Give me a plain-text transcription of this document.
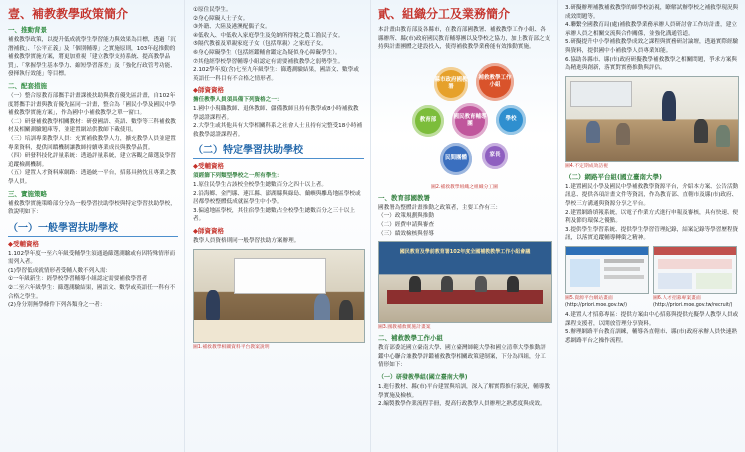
壹、補教教學政策簡介
一、推動背景

補救教學政策，以提升低成就學生學習能力與效果為目標，透過「沉潛補救」、「公平正義」及「個別輔導」之實施原則，103年起推動的補救教學實施方案，將更加重視「建立教學支持系統、提高教學品質」、「掌握學生基本學力、縮短學習落差」及「強化行政管考功能、發揮執行效能」等目標。

二、配套措施

（一）整合原教育部攜手計畫課後扶助與教育優先區計畫，自102年度將攜手計畫與教育優先區同一計畫，整合為「國民小學及國民中學補救教學實施方案」，作為國中小補救教學之單一窗口。

（二）研發補救教學相關教材：研發國語、英語、數學等三科補救教材及相關測驗題庫等，並建置網站供教師下載使用。

（三）培訓專業教學人員：充實補救教學人力，擴充教學人員並建置專業資料，提供回饋機制讓教師持續專業成長與教學品質。

（四）研發科技化評量系統：透過評量系統，建立客觀之篩選及學習追蹤檢測機制。

（五）建置人才資料庫網路：透過統一平台，招募具熱忱且專業之教學人員。

三、實施策略

補救教學實施策略部分分為一般學習扶助學校與特定學習扶助學校，敘說明如下：

（一）一般學習扶助學校
◆受輔資格

1.102學年度一至六年級受輔學生須通過篩選測驗或有因特殊情形而需列入者。

(1)學習低成就情形者受輔人數不列入需：

①一年級新生：經學校學習輔導小組認定需要補救學習者

②二至六年級學生：篩選測驗結果，國語文、數學或英語任一科有不合格之學生。

(2)身分別無學條件下列各類身之一者：

①原住民學生。

②身心障礙人士子女。

③外籍、大陸及港澳配偶子女。

④低收入、中低收入家庭學生及免納所得稅之農工漁民子女。

⑤隔代教養及單親家庭子女（包括單親）之家庭子女。

⑥身心障礙學生（包括經鑑輔會鑑定為疑似身心障礙學生）。

⑦其他經學校學習輔導小組認定有需要補救教學之弱勢學生。

2.102學年度(含)七至九年級學生：篩選測驗結果，國語文、數學或英語任一科目有不合格之情形者。

◆師資資格

擔任教學人員須具備下列資格之一：

1.國中小現職教師、退休教師、儲備教師且持有教學或8小時補救教學認證課程者。

2.大學生或其他具有大學相關科系之社會人士且持有完整受18小時補救教學認證課程者。

（二）特定學習扶助學校
◆受輔資格

須經篩下列類型學校之一所有學生：

1.原住民學生占該校全校學生總數百分之四十以上者。

2.沿海鄉、金門縣、連江縣、澎湖縣與綠島、蘭嶼與離島地區學校或居都學校整體低成就區學生中小學。

3.偏遠地區學校，其住宿學生總數占全校學生總數百分之三十以上者。

◆師資資格

教學人員資格則同一般學習扶助方案辦理。

圖1.補救教學相關資料平台教案說明
貳、組織分工及業務簡介

本計畫由教育部及各縣市，在教育部國教署、補救教學工作小組、各縣辦所、縣(市)政府國民教育輔導團以及學校之協力，加上教育部之支持與計畫團體之建設投入，使得補救教學業務能有效推動實施。

縣市政府國教署
補救教學工作小組
教育部
國民教育輔導團
學校
民間團體	家長
圖2.補救教學組織之組織分工圖
一、教育部國教署

國教署為整體計畫推動之政策者，主要工作有三：

（一）政策規劃與推動

（二）經費申請與審查

（三）績效檢核與督導

國民教育及學前教育署102年度全國補教教學工作小組會議
圖3.國教補救實施計畫案
二、補救教學工作小組

教育部委託國立臺南大學、國立臺灣師範大學和國立清華大學推動評鑑中心聯合兼教學評鑑補救教學相關政策建制案，下分為四組，分工情形如下：

（一）研發教學組(國立臺南大學)

1.進行教材、縣(市)平台建置與培訓，深入了解實際推行狀況，輔導教學實施及檢核。

2.編製教學作業流程手冊，提高行政教學人員辦理之熟悉度與成效。

3.研擬辦理補教補救教學的師學校訪視，瞭解試辦學校之補救學現況與成效問題等。

4.聯繫全國教育局(處)補救教學業務承辦人員研討會工作坊計畫，建立承辦人員之相關交流與合作關係，並強化溝通管道。

5.研擬提升中小學補救教學成效之課程與實務研討論壇，透過實際經驗與資料，提供國中小補救學人員專業知能。

6.協助各縣市、縣(市)政府研擬教學補救教學之相關問題，爭求方案與為精進與創新，落實對實務推動與評估。

圖4.不定期成效訪視
（二）網路平台組(國立臺南大學)

1.建置國民小學及國民中學補救教學資源平台，介紹本方案、公告活動訊息、提供各項計畫文件等資訊，作為教育部、直轄市及縣(市)政府、學校三方溝通與資源分享之平台。

2.建置網路填報系統，以電子作業方式進行申報及審核，具有快速、便利及節約環保之優點。

3.提供學生學習系統、提供學生學習管理紀錄，結案記錄等學習歷程資訊，以落實追蹤輔導轉銜之精神。

圖5.資源平台網站畫面
(http://priori.moe.gov.tw/)
圖6.人才招募專案畫面
(http://priori.moe.gov.tw/recruit/)

4.建置人才招募專區：提供方案由中心招募與提供充擬學人教學人員或課程支援者，以開放管理分享資料。

5.辦理網路平台教育訓練，輔導各直轄市、縣(市)政府承辦人員快速熟悉網路平台之操作流程。
